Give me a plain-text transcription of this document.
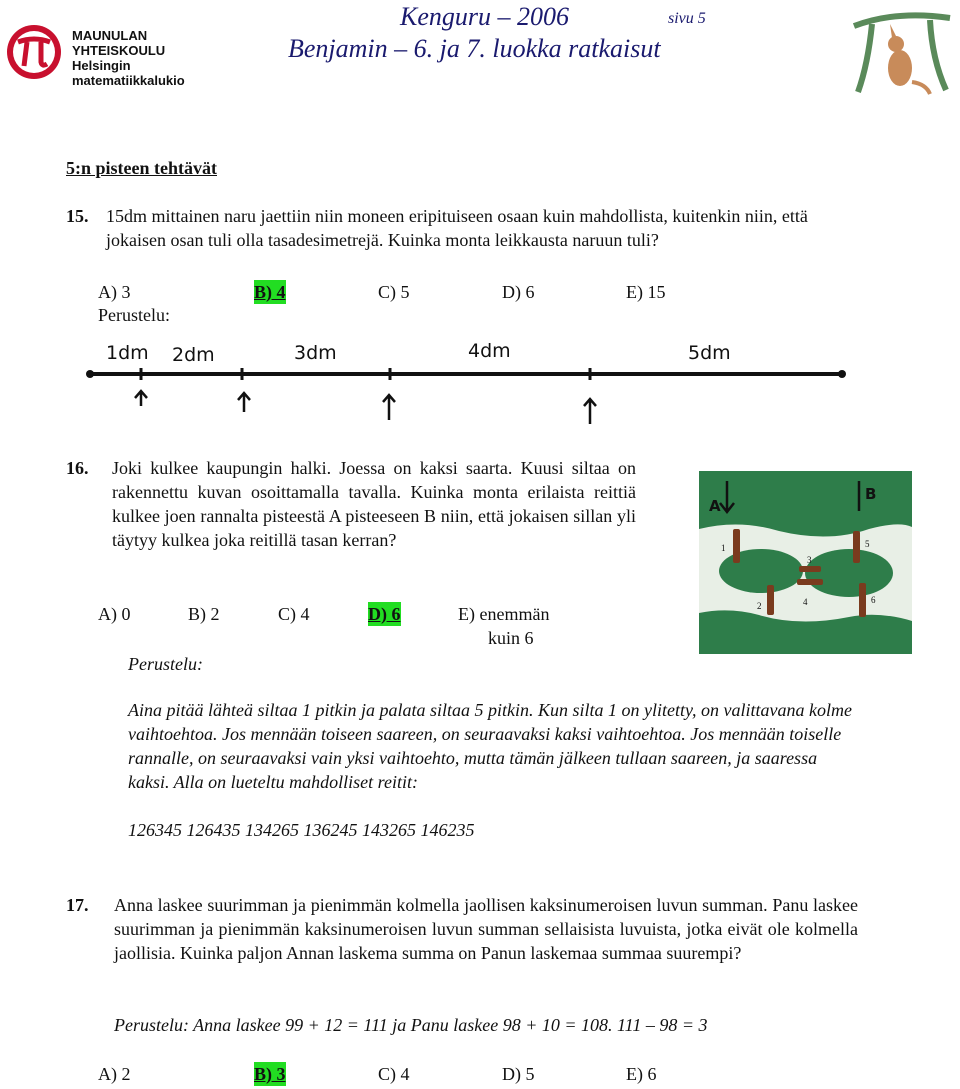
MAUNULAN
YHTEISKOULU
Helsingin
matematiikkalukio
Kenguru – 2006	sivu 5
Benjamin – 6. ja 7. luokka ratkaisut
5:n pisteen tehtävät
15. 15dm mittainen naru jaettiin niin moneen eripituiseen osaan kuin mahdollista, kuitenkin niin, että jokaisen osan tuli olla tasadesimetrejä. Kuinka monta leikkausta naruun tuli?
A) 3	B) 4	C) 5	D) 6	E) 15
Perustelu:
1dm 2dm	3dm	4dm	5dm
16. Joki kulkee kaupungin halki. Joessa on kaksi saarta. Kuusi siltaa on rakennettu kuvan osoittamalla tavalla. Kuinka monta erilaista reittiä kulkee joen rannalta pisteestä A pisteeseen B niin, että jokaisen sillan yli täytyy kulkea joka reitillä tasan kerran?
A) 0	B) 2	C) 4	D) 6	E) enemmän
kuin 6
Perustelu:
A
B
1
2
3
4
5
6
Aina pitää lähteä siltaa 1 pitkin ja palata siltaa 5 pitkin. Kun silta 1 on ylitetty, on valittavana kolme vaihtoehtoa. Jos mennään toiseen saareen, on seuraavaksi kaksi vaihtoehtoa. Jos mennään toiselle rannalle, on seuraavaksi vain yksi vaihtoehto, mutta tämän jälkeen tullaan saareen, ja saaressa kaksi. Alla on lueteltu mahdolliset reitit:
126345 126435 134265 136245 143265 146235
17. Anna laskee suurimman ja pienimmän kolmella jaollisen kaksinumeroisen luvun summan. Panu laskee suurimman ja pienimmän kaksinumeroisen luvun summan sellaisista luvuista, jotka eivät ole kolmella jaollisia. Kuinka paljon Annan laskema summa on Panun laskemaa summaa suurempi?
Perustelu: Anna laskee 99 + 12 = 111 ja Panu laskee 98 + 10 = 108. 111 – 98 = 3
A) 2	B) 3	C) 4	D) 5	E) 6
